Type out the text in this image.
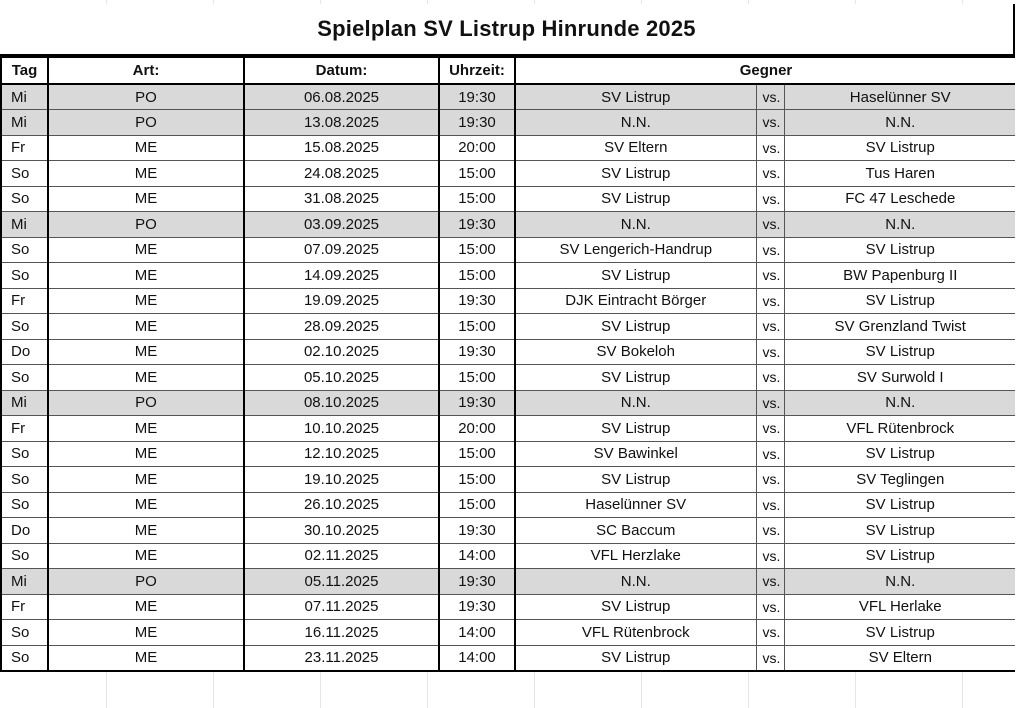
Spielplan SV Listrup Hinrunde 2025
Tag	Art:	Datum:	Uhrzeit:	Gegner		
Mi	PO	06.08.2025	19:30	SV Listrup	vs.	Haselünner SV
Mi	PO	13.08.2025	19:30	N.N.	vs.	N.N.
Fr	ME	15.08.2025	20:00	SV Eltern	vs.	SV Listrup
So	ME	24.08.2025	15:00	SV Listrup	vs.	Tus Haren
So	ME	31.08.2025	15:00	SV Listrup	vs.	FC 47 Leschede
Mi	PO	03.09.2025	19:30	N.N.	vs.	N.N.
So	ME	07.09.2025	15:00	SV Lengerich-Handrup	vs.	SV Listrup
So	ME	14.09.2025	15:00	SV Listrup	vs.	BW Papenburg II
Fr	ME	19.09.2025	19:30	DJK Eintracht Börger	vs.	SV Listrup
So	ME	28.09.2025	15:00	SV Listrup	vs.	SV Grenzland Twist
Do	ME	02.10.2025	19:30	SV Bokeloh	vs.	SV Listrup
So	ME	05.10.2025	15:00	SV Listrup	vs.	SV Surwold I
Mi	PO	08.10.2025	19:30	N.N.	vs.	N.N.
Fr	ME	10.10.2025	20:00	SV Listrup	vs.	VFL Rütenbrock
So	ME	12.10.2025	15:00	SV Bawinkel	vs.	SV Listrup
So	ME	19.10.2025	15:00	SV Listrup	vs.	SV Teglingen
So	ME	26.10.2025	15:00	Haselünner SV	vs.	SV Listrup
Do	ME	30.10.2025	19:30	SC Baccum	vs.	SV Listrup
So	ME	02.11.2025	14:00	VFL Herzlake	vs.	SV Listrup
Mi	PO	05.11.2025	19:30	N.N.	vs.	N.N.
Fr	ME	07.11.2025	19:30	SV Listrup	vs.	VFL Herlake
So	ME	16.11.2025	14:00	VFL Rütenbrock	vs.	SV Listrup
So	ME	23.11.2025	14:00	SV Listrup	vs.	SV Eltern
